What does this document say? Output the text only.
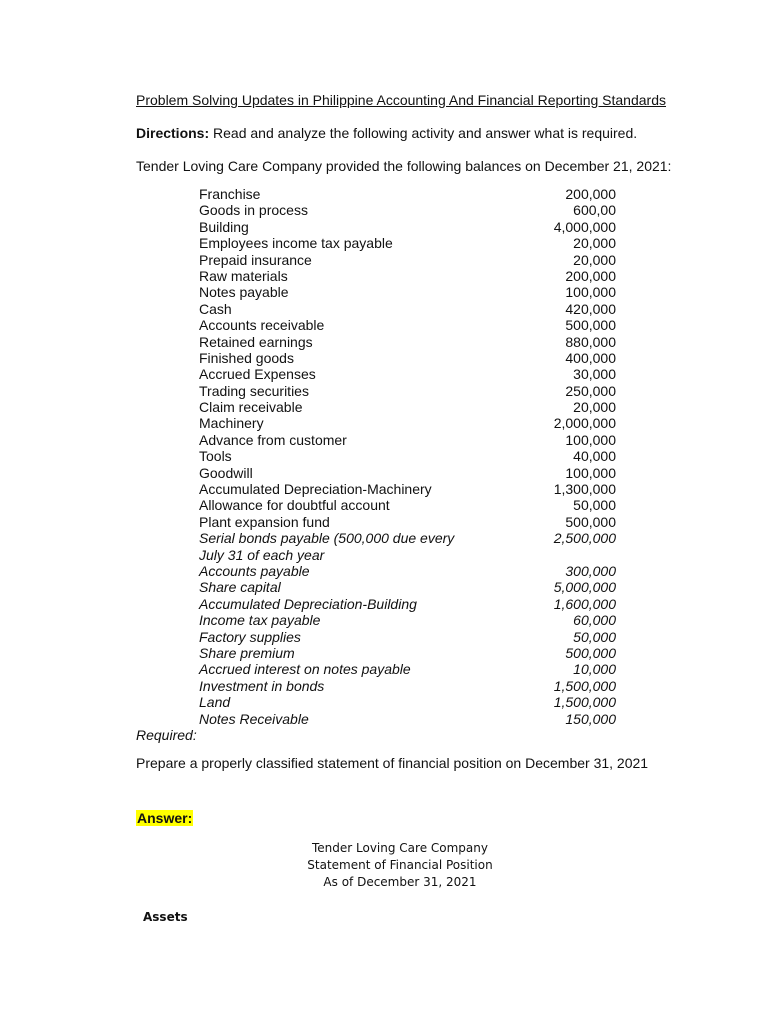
Problem Solving Updates in Philippine Accounting And Financial Reporting Standards
Directions: Read and analyze the following activity and answer what is required.
Tender Loving Care Company provided the following balances on December 21, 2021:
Franchise	200,000
Goods in process	600,00
Building	4,000,000
Employees income tax payable	20,000
Prepaid insurance	20,000
Raw materials	200,000
Notes payable	100,000
Cash	420,000
Accounts receivable	500,000
Retained earnings	880,000
Finished goods	400,000
Accrued Expenses	30,000
Trading securities	250,000
Claim receivable	20,000
Machinery	2,000,000
Advance from customer	100,000
Tools	40,000
Goodwill	100,000
Accumulated Depreciation-Machinery	1,300,000
Allowance for doubtful account	50,000
Plant expansion fund	500,000
Serial bonds payable (500,000 due every	2,500,000
July 31 of each year
Accounts payable	300,000
Share capital	5,000,000
Accumulated Depreciation-Building	1,600,000
Income tax payable	60,000
Factory supplies	50,000
Share premium	500,000
Accrued interest on notes payable	10,000
Investment in bonds	1,500,000
Land	1,500,000
Notes Receivable	150,000
Required:
Prepare a properly classified statement of financial position on December 31, 2021
Answer:
Tender Loving Care Company
Statement of Financial Position
As of December 31, 2021
Assets
